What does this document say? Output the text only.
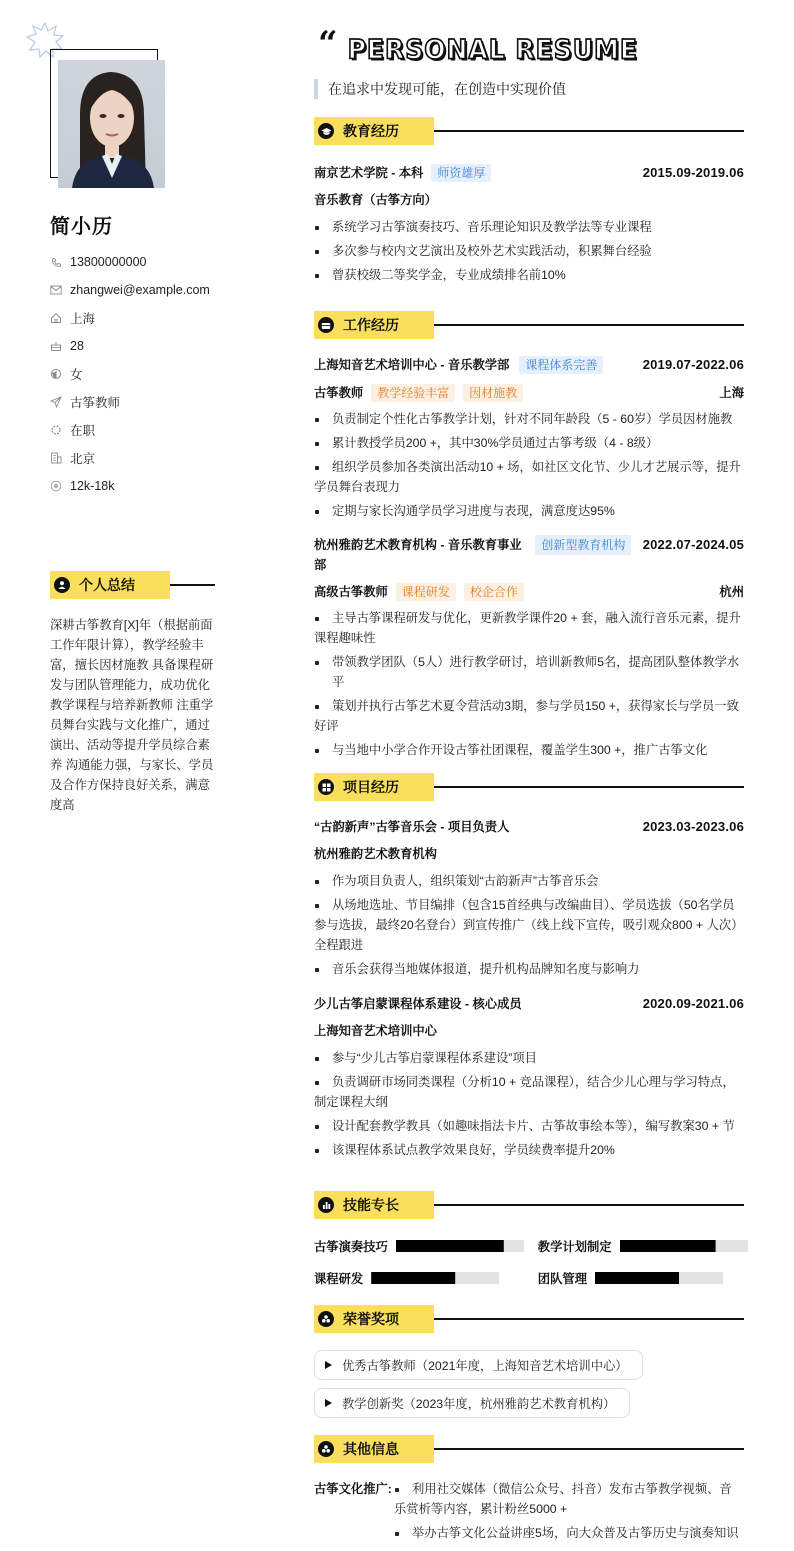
简小历
13800000000
zhangwei@example.com
上海
28
女
古筝教师
在职
北京
12k-18k
个人总结
深耕古筝教育[X]年（根据前面工作年限计算），教学经验丰富，擅长因材施教 具备课程研发与团队管理能力，成功优化教学课程与培养新教师 注重学员舞台实践与文化推广，通过演出、活动等提升学员综合素养 沟通能力强，与家长、学员及合作方保持良好关系，满意度高
“ PERSONAL RESUME
在追求中发现可能，在创造中实现价值
教育经历
南京艺术学院 - 本科 师资雄厚	2015.09-2019.06
音乐教育（古筝方向）
系统学习古筝演奏技巧、音乐理论知识及教学法等专业课程
多次参与校内文艺演出及校外艺术实践活动，积累舞台经验
曾获校级二等奖学金，专业成绩排名前10%
工作经历
上海知音艺术培训中心 - 音乐教学部 课程体系完善	2019.07-2022.06
古筝教师 教学经验丰富 因材施教	上海
负责制定个性化古筝教学计划，针对不同年龄段（5 - 60岁）学员因材施教
累计教授学员200 +，其中30%学员通过古筝考级（4 - 8级）
组织学员参加各类演出活动10 + 场，如社区文化节、少儿才艺展示等，提升学员舞台表现力
定期与家长沟通学员学习进度与表现，满意度达95%
杭州雅韵艺术教育机构 - 音乐教育事业部
创新型教育机构	2022.07-2024.05
高级古筝教师 课程研发 校企合作	杭州
主导古筝课程研发与优化，更新教学课件20 + 套，融入流行音乐元素，提升课程趣味性
带领教学团队（5人）进行教学研讨，培训新教师5名，提高团队整体教学水平
策划并执行古筝艺术夏令营活动3期，参与学员150 +，获得家长与学员一致好评
与当地中小学合作开设古筝社团课程，覆盖学生300 +，推广古筝文化
项目经历
“古韵新声”古筝音乐会 - 项目负责人	2023.03-2023.06
杭州雅韵艺术教育机构
作为项目负责人，组织策划“古韵新声”古筝音乐会
从场地选址、节目编排（包含15首经典与改编曲目）、学员选拔（50名学员参与选拔，最终20名登台）到宣传推广（线上线下宣传，吸引观众800 + 人次）全程跟进
音乐会获得当地媒体报道，提升机构品牌知名度与影响力
少儿古筝启蒙课程体系建设 - 核心成员	2020.09-2021.06
上海知音艺术培训中心
参与“少儿古筝启蒙课程体系建设”项目
负责调研市场同类课程（分析10 + 竞品课程），结合少儿心理与学习特点，制定课程大纲
设计配套教学教具（如趣味指法卡片、古筝故事绘本等），编写教案30 + 节
该课程体系试点教学效果良好，学员续费率提升20%
技能专长
古筝演奏技巧	教学计划制定
课程研发	团队管理
荣誉奖项
优秀古筝教师（2021年度，上海知音艺术培训中心）
教学创新奖（2023年度，杭州雅韵艺术教育机构）
其他信息
古筝文化推广:	利用社交媒体（微信公众号、抖音）发布古筝教学视频、音乐赏析等内容，累计粉丝5000 +
举办古筝文化公益讲座5场，向大众普及古筝历史与演奏知识
